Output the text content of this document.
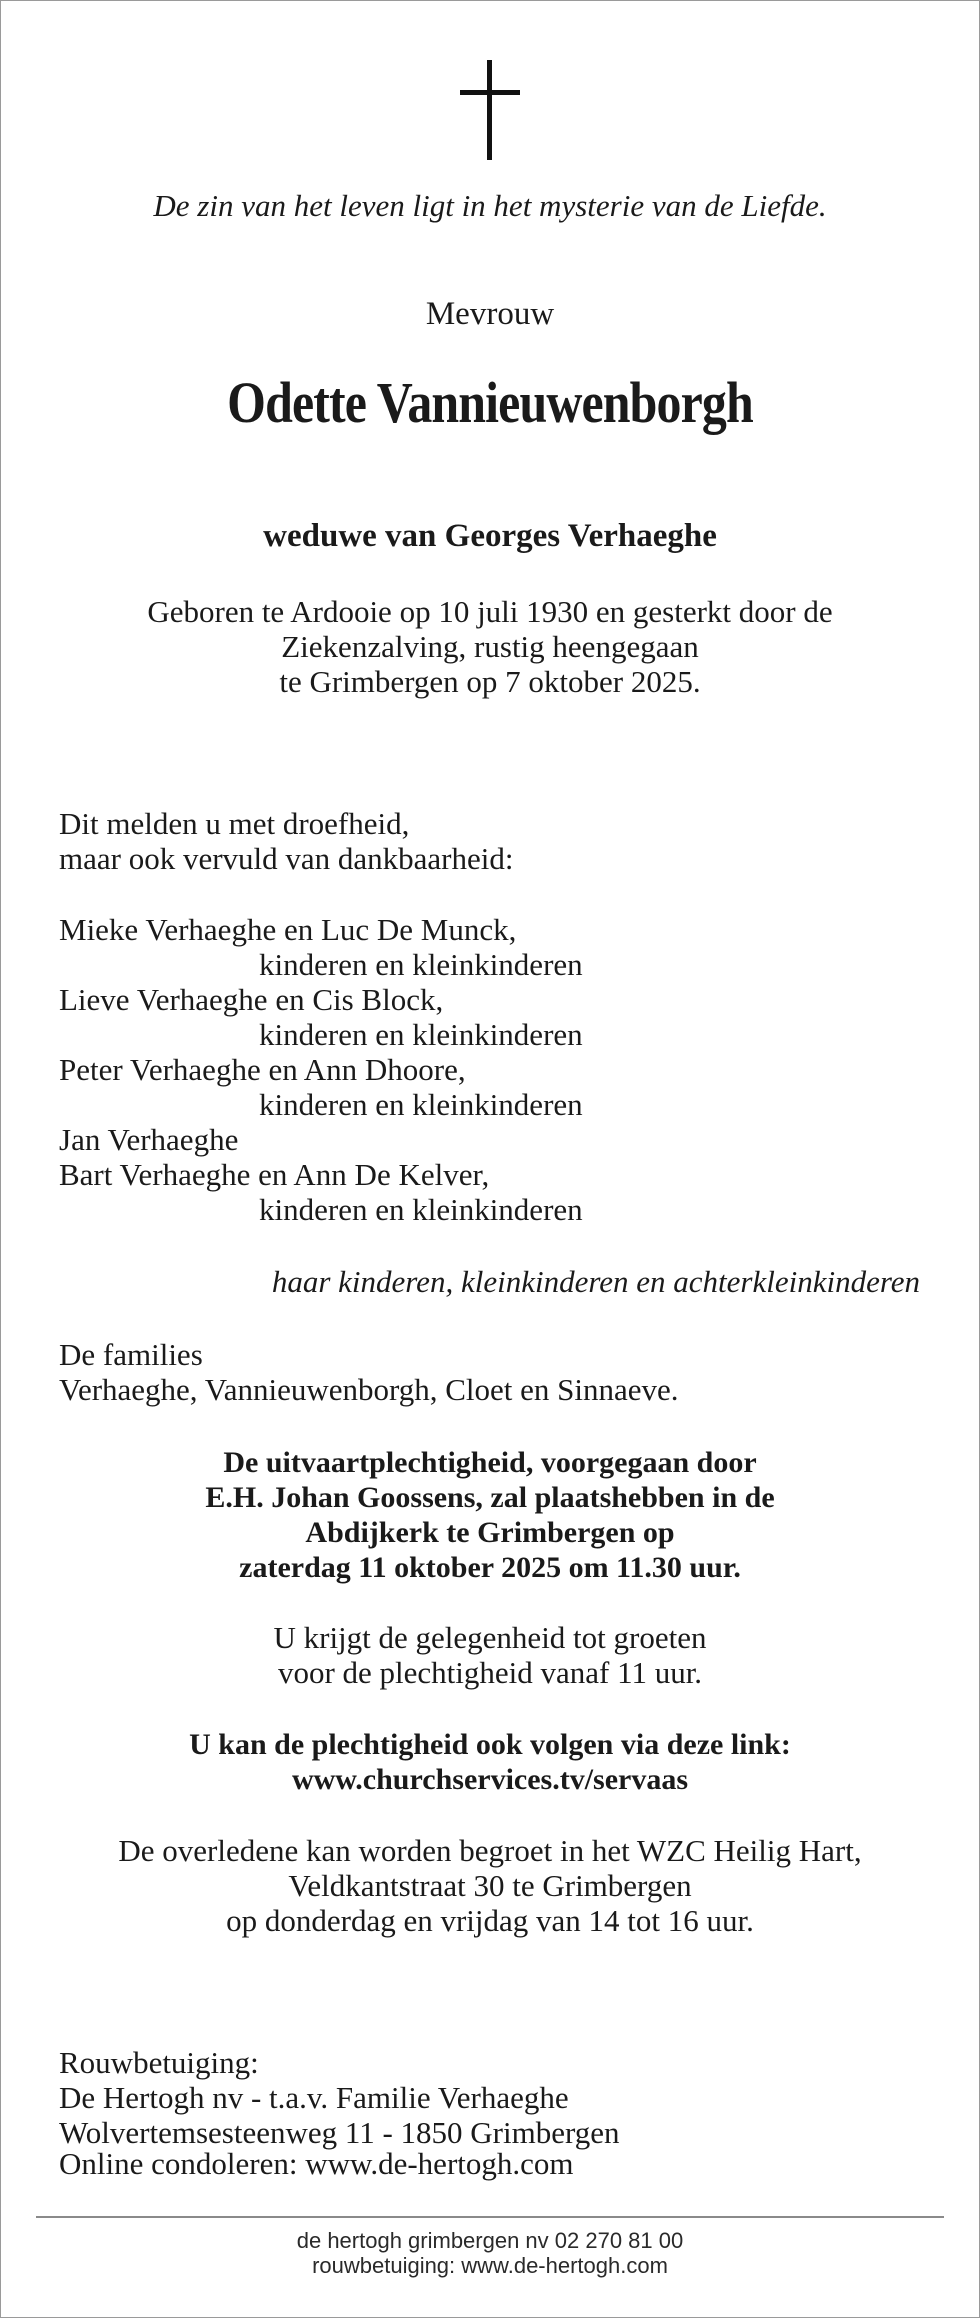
De zin van het leven ligt in het mysterie van de Liefde.
Mevrouw
Odette Vannieuwenborgh
weduwe van Georges Verhaeghe
Geboren te Ardooie op 10 juli 1930 en gesterkt door de
Ziekenzalving, rustig heengegaan
te Grimbergen op 7 oktober 2025.
Dit melden u met droefheid,
maar ook vervuld van dankbaarheid:
Mieke Verhaeghe en Luc De Munck,
kinderen en kleinkinderen
Lieve Verhaeghe en Cis Block,
kinderen en kleinkinderen
Peter Verhaeghe en Ann Dhoore,
kinderen en kleinkinderen
Jan Verhaeghe
Bart Verhaeghe en Ann De Kelver,
kinderen en kleinkinderen
haar kinderen, kleinkinderen en achterkleinkinderen
De families
Verhaeghe, Vannieuwenborgh, Cloet en Sinnaeve.
De uitvaartplechtigheid, voorgegaan door
E.H. Johan Goossens, zal plaatshebben in de
Abdijkerk te Grimbergen op
zaterdag 11 oktober 2025 om 11.30 uur.
U krijgt de gelegenheid tot groeten
voor de plechtigheid vanaf 11 uur.
U kan de plechtigheid ook volgen via deze link:
www.churchservices.tv/servaas
De overledene kan worden begroet in het WZC Heilig Hart,
Veldkantstraat 30 te Grimbergen
op donderdag en vrijdag van 14 tot 16 uur.
Rouwbetuiging:
De Hertogh nv - t.a.v. Familie Verhaeghe
Wolvertemsesteenweg 11 - 1850 Grimbergen
Online condoleren: www.de-hertogh.com
de hertogh grimbergen nv 02 270 81 00
rouwbetuiging: www.de-hertogh.com
